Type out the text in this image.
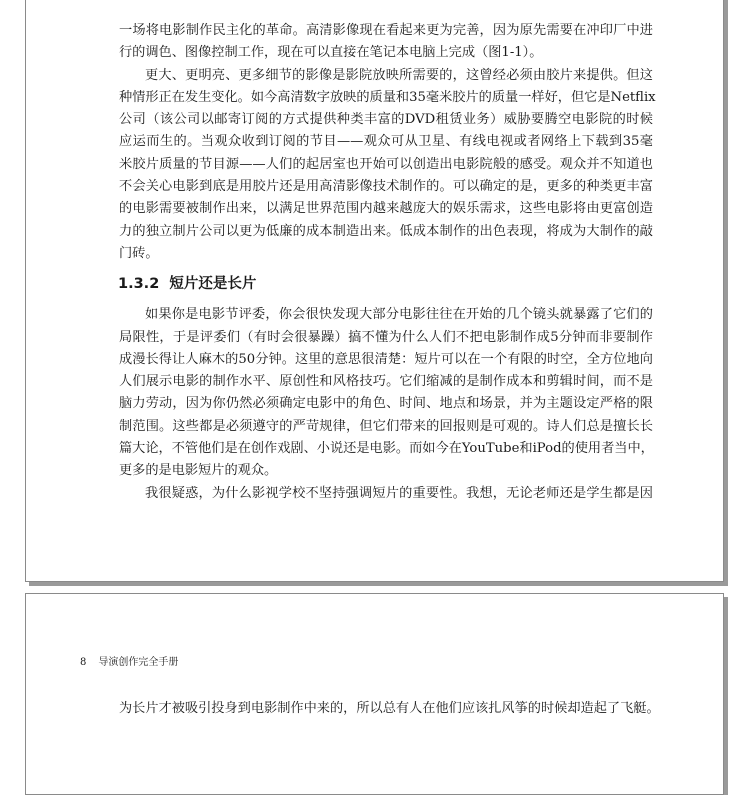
一场将电影制作民主化的革命。高清影像现在看起来更为完善，因为原先需要在冲印厂中进
行的调色、图像控制工作，现在可以直接在笔记本电脑上完成（图1-1）。
更大、更明亮、更多细节的影像是影院放映所需要的，这曾经必须由胶片来提供。但这
种情形正在发生变化。如今高清数字放映的质量和35毫米胶片的质量一样好，但它是Netflix
公司（该公司以邮寄订阅的方式提供种类丰富的DVD租赁业务）威胁要腾空电影院的时候
应运而生的。当观众收到订阅的节目——观众可从卫星、有线电视或者网络上下载到35毫
米胶片质量的节目源——人们的起居室也开始可以创造出电影院般的感受。观众并不知道也
不会关心电影到底是用胶片还是用高清影像技术制作的。可以确定的是，更多的种类更丰富
的电影需要被制作出来，以满足世界范围内越来越庞大的娱乐需求，这些电影将由更富创造
力的独立制片公司以更为低廉的成本制造出来。低成本制作的出色表现，将成为大制作的敲
门砖。
1.3.2  短片还是长片
如果你是电影节评委，你会很快发现大部分电影往往在开始的几个镜头就暴露了它们的
局限性，于是评委们（有时会很暴躁）搞不懂为什么人们不把电影制作成5分钟而非要制作
成漫长得让人麻木的50分钟。这里的意思很清楚：短片可以在一个有限的时空，全方位地向
人们展示电影的制作水平、原创性和风格技巧。它们缩减的是制作成本和剪辑时间，而不是
脑力劳动，因为你仍然必须确定电影中的角色、时间、地点和场景，并为主题设定严格的限
制范围。这些都是必须遵守的严苛规律，但它们带来的回报则是可观的。诗人们总是擅长长
篇大论，不管他们是在创作戏剧、小说还是电影。而如今在YouTube和iPod的使用者当中，
更多的是电影短片的观众。
我很疑惑，为什么影视学校不坚持强调短片的重要性。我想，无论老师还是学生都是因
8 导演创作完全手册
为长片才被吸引投身到电影制作中来的，所以总有人在他们应该扎风筝的时候却造起了飞艇。
